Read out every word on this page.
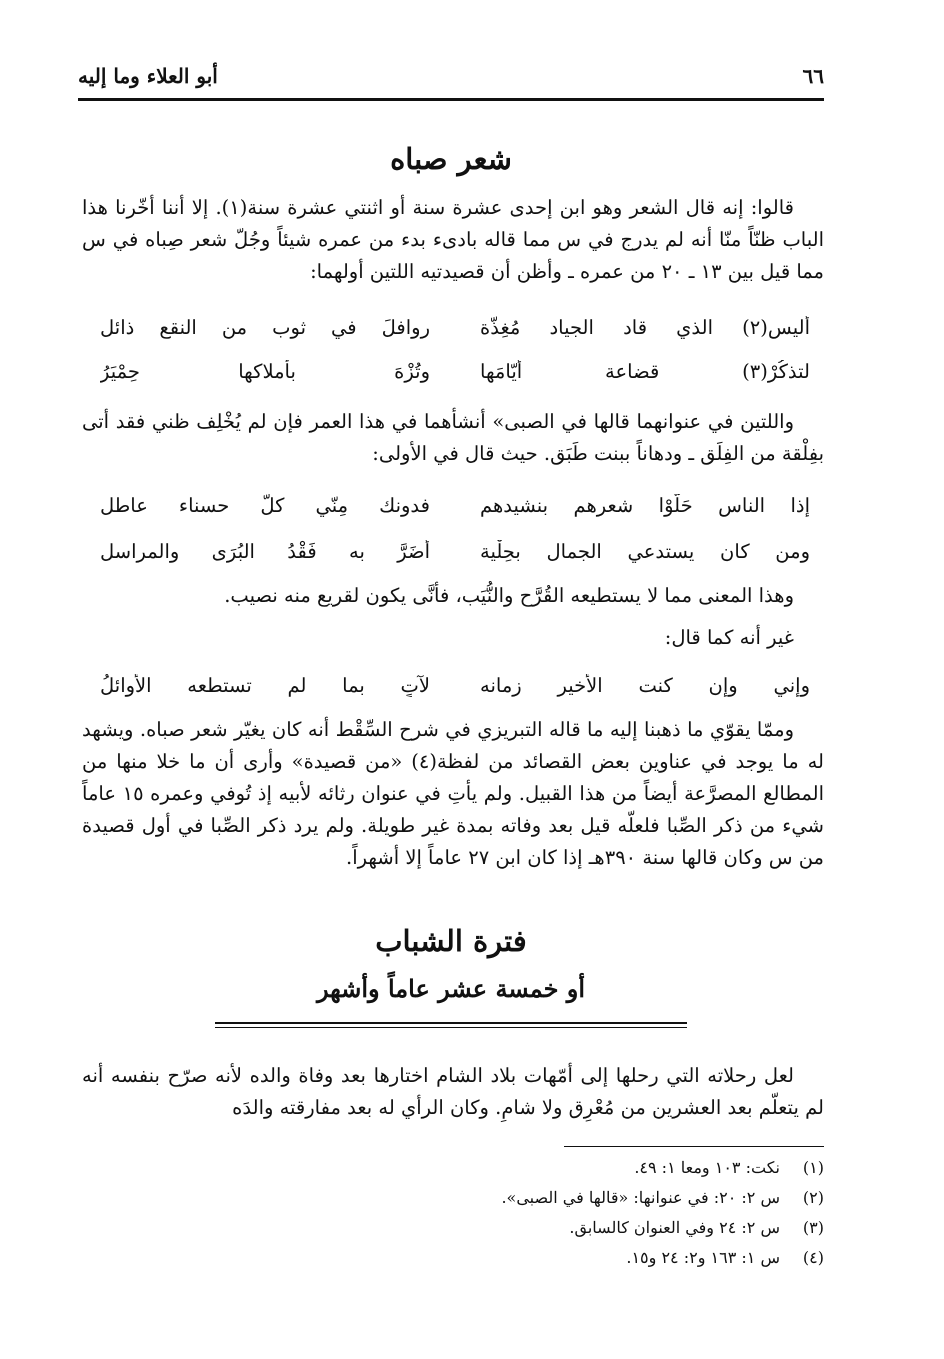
٦٦
أبو العلاء وما إليه
شعر صباه

قالوا: إنه قال الشعر وهو ابن إحدى عشرة سنة أو اثنتي عشرة سنة(١). إلا أننا أخّرنا هذا الباب ظنّاً منّا أنه لم يدرج في س مما قاله بادىء بدء من عمره شيئاً وجُلّ شعر صِباه في س مما قيل بين ١٣ ـ ٢٠ من عمره ـ وأظن أن قصيدتيه اللتين أولهما:

أليس(٢) الذي قاد الجياد مُغِذّة
روافلَ في ثوب من النقع ذائل
لتذكُرْ(٣) قضاعة أيّامَها
وتُزْهَ بأملاكها حِمْيَرُ

واللتين في عنوانهما قالها في الصبى» أنشأهما في هذا العمر فإن لم يُخْلِف ظني فقد أتى بفِلْقة من الفِلَق ـ ودهاناً ببنت طَبَق. حيث قال في الأولى:

إذا الناس حَلّوْا شعرهم بنشيدهم
فدونك مِنّي كلَّ حسناء عاطل
ومن كان يستدعي الجمال بحِلْية
أضَرَّ به فَقْدُ البُرَى والمراسل

وهذا المعنى مما لا يستطيعه القُرَّح والنُّيَب، فأنَّى يكون لقريع منه نصيب.

غير أنه كما قال:

وإني وإن كنت الأخير زمانه
لآتٍ بما لم تستطعه الأوائلُ

وممّا يقوّي ما ذهبنا إليه ما قاله التبريزي في شرح السِّقْط أنه كان يغيّر شعر صباه. ويشهد له ما يوجد في عناوين بعض القصائد من لفظة(٤) «من قصيدة» وأرى أن ما خلا منها من المطالع المصرَّعة أيضاً من هذا القبيل. ولم يأتِ في عنوان رثائه لأبيه إذ تُوفي وعمره ١٥ عاماً شيء من ذكر الصِّبا فلعلّه قيل بعد وفاته بمدة غير طويلة. ولم يرد ذكر الصِّبا في أول قصيدة من س وكان قالها سنة ٣٩٠هـ إذا كان ابن ٢٧ عاماً إلا أشهراً.

فترة الشباب
أو خمسة عشر عاماً وأشهر

لعل رحلاته التي رحلها إلى أمّهات بلاد الشام اختارها بعد وفاة والده لأنه صرّح بنفسه أنه لم يتعلّم بعد العشرين من مُعْرِق ولا شامِ. وكان الرأي له بعد مفارقته والدَه

(١)
نكت: ١٠٣ ومعا ١: ٤٩.
(٢)
س ٢: ٢٠: في عنوانها: «قالها في الصبى».
(٣)
س ٢: ٢٤ وفي العنوان كالسابق.
(٤)
س ١: ١٦٣ و٢: ٢٤ و١٥.
